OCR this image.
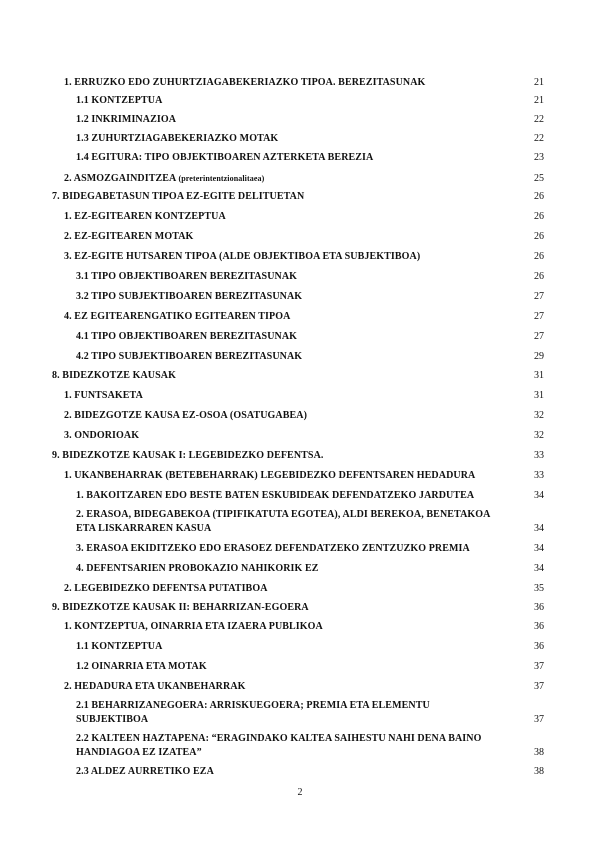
1. ERRUZKO EDO ZUHURTZIAGABEKERIAZKO TIPOA. BEREZITASUNAK	21
1.1 KONTZEPTUA	21
1.2 INKRIMINAZIOA	22
1.3 ZUHURTZIAGABEKERIAZKO MOTAK	22
1.4 EGITURA: TIPO OBJEKTIBOAREN AZTERKETA BEREZIA	23
2. ASMOZGAINDITZEA (preterintentzionalitaea)	25
7. BIDEGABETASUN TIPOA EZ-EGITE DELITUETAN	26
1. EZ-EGITEAREN KONTZEPTUA	26
2. EZ-EGITEAREN MOTAK	26
3. EZ-EGITE HUTSAREN TIPOA (ALDE OBJEKTIBOA ETA SUBJEKTIBOA)	26
3.1 TIPO OBJEKTIBOAREN BEREZITASUNAK	26
3.2 TIPO SUBJEKTIBOAREN BEREZITASUNAK	27
4. EZ EGITEARENGATIKO EGITEAREN TIPOA	27
4.1 TIPO OBJEKTIBOAREN BEREZITASUNAK	27
4.2 TIPO SUBJEKTIBOAREN BEREZITASUNAK	29
8. BIDEZKOTZE KAUSAK	31
1. FUNTSAKETA	31
2. BIDEZGOTZE KAUSA EZ-OSOA (OSATUGABEA)	32
3. ONDORIOAK	32
9. BIDEZKOTZE KAUSAK I: LEGEBIDEZKO DEFENTSA.	33
1. UKANBEHARRAK (BETEBEHARRAK) LEGEBIDEZKO DEFENTSAREN HEDADURA	33
1. BAKOITZAREN EDO BESTE BATEN ESKUBIDEAK DEFENDATZEKO JARDUTEA	34
2. ERASOA, BIDEGABEKOA (TIPIFIKATUTA EGOTEA), ALDI BEREKOA, BENETAKOA ETA LISKARRAREN KASUA	34
3. ERASOA EKIDITZEKO EDO ERASOEZ DEFENDATZEKO ZENTZUZKO PREMIA	34
4. DEFENTSARIEN PROBOKAZIO NAHIKORIK EZ	34
2. LEGEBIDEZKO DEFENTSA PUTATIBOA	35
9. BIDEZKOTZE KAUSAK II: BEHARRIZAN-EGOERA	36
1. KONTZEPTUA, OINARRIA ETA IZAERA PUBLIKOA	36
1.1 KONTZEPTUA	36
1.2 OINARRIA ETA MOTAK	37
2. HEDADURA ETA UKANBEHARRAK	37
2.1 BEHARRIZANEGOERA: ARRISKUEGOERA; PREMIA ETA ELEMENTU SUBJEKTIBOA	37
2.2 KALTEEN HAZTAPENA: “ERAGINDAKO KALTEA SAIHESTU NAHI DENA BAINO HANDIAGOA EZ IZATEA”	38
2.3 ALDEZ AURRETIKO EZA	38
2
